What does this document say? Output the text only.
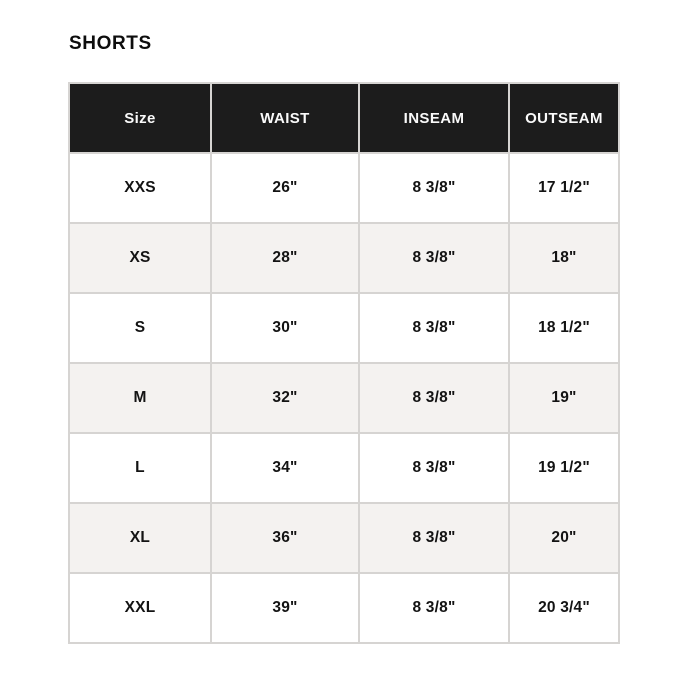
SHORTS
Size	WAIST	INSEAM	OUTSEAM
XXS	26"	8 3/8"	17 1/2"
XS	28"	8 3/8"	18"
S	30"	8 3/8"	18 1/2"
M	32"	8 3/8"	19"
L	34"	8 3/8"	19 1/2"
XL	36"	8 3/8"	20"
XXL	39"	8 3/8"	20 3/4"
